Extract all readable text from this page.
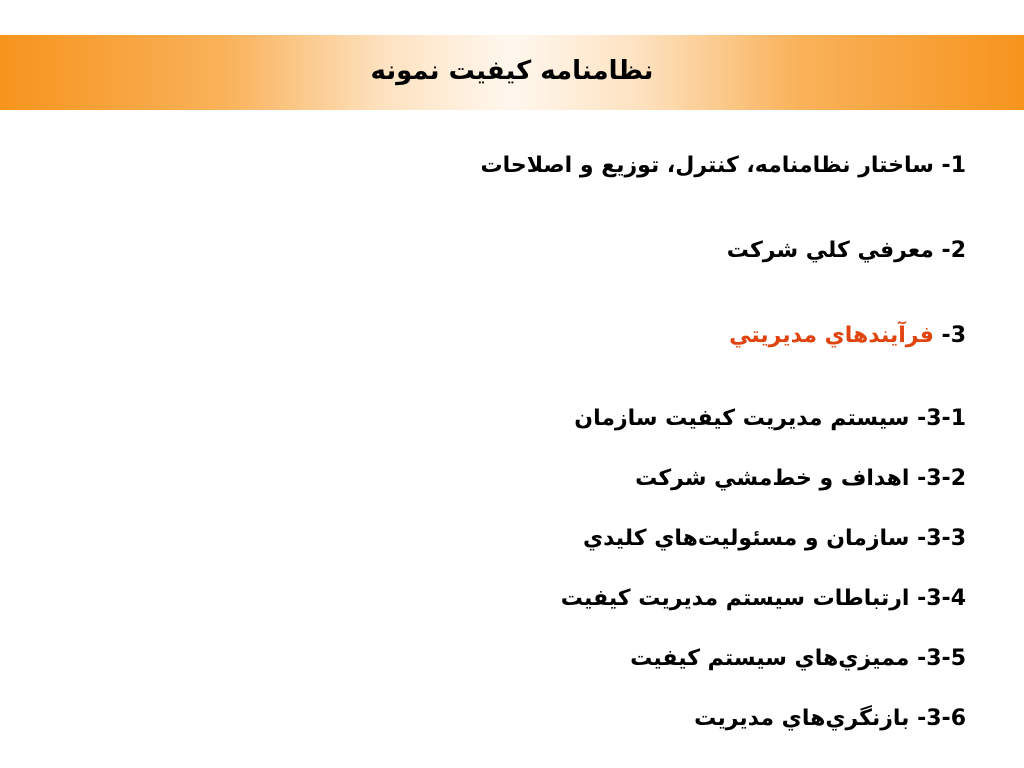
نظامنامه كيفيت نمونه
1- ساختار نظامنامه، كنترل، توزيع و اصلاحات
2- معرفي كلي شركت
3- فرآيندهاي مديريتي
3-1- سيستم مديريت كيفيت سازمان
3-2- اهداف و خط‌مشي شركت
3-3- سازمان و مسئوليت‌هاي كليدي
3-4- ارتباطات سيستم مديريت كيفيت
3-5- مميزي‌هاي سيستم كيفيت
3-6- بازنگري‌هاي مديريت
